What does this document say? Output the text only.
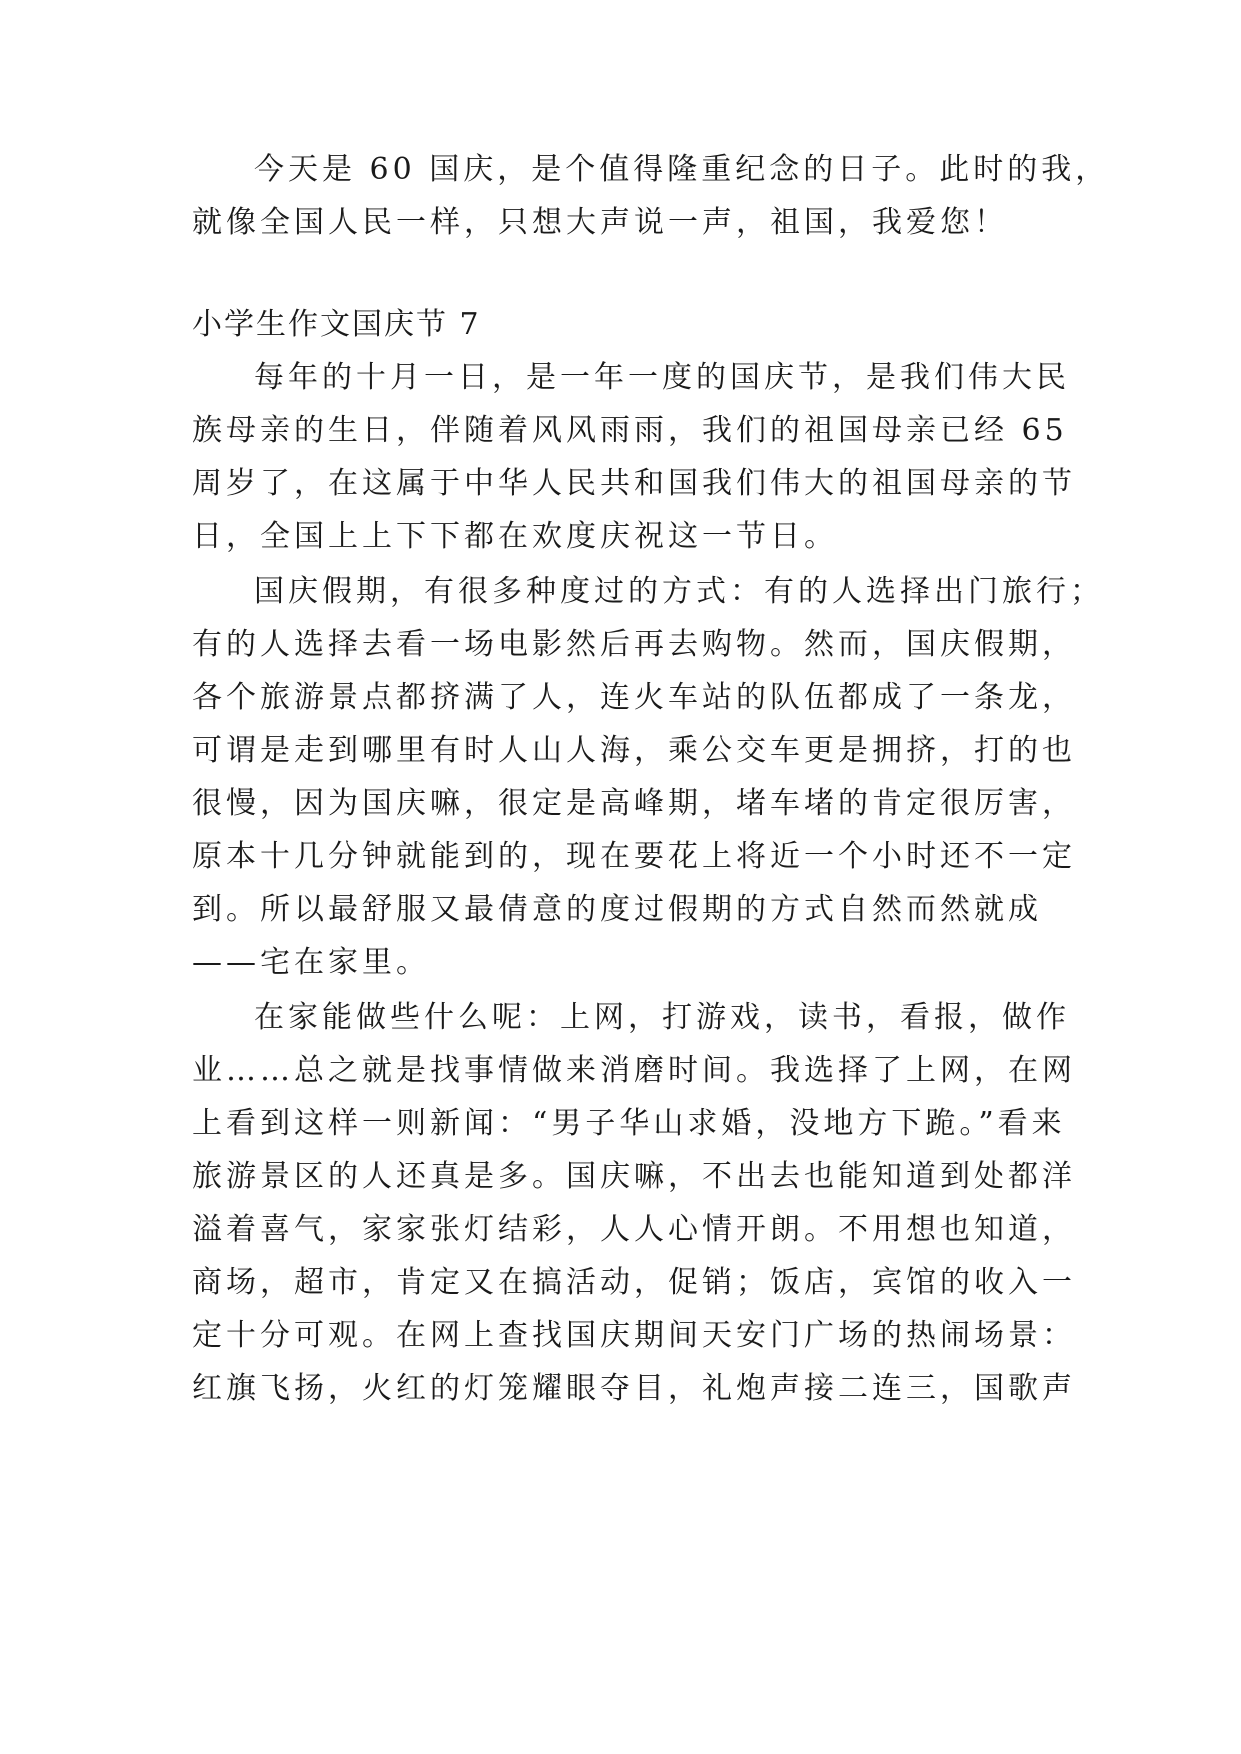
今天是 60 国庆，是个值得隆重纪念的日子。此时的我，
就像全国人民一样，只想大声说一声，祖国，我爱您！
小学生作文国庆节 7
每年的十月一日，是一年一度的国庆节，是我们伟大民
族母亲的生日，伴随着风风雨雨，我们的祖国母亲已经 65
周岁了，在这属于中华人民共和国我们伟大的祖国母亲的节
日，全国上上下下都在欢度庆祝这一节日。
国庆假期，有很多种度过的方式：有的人选择出门旅行；
有的人选择去看一场电影然后再去购物。然而，国庆假期，
各个旅游景点都挤满了人，连火车站的队伍都成了一条龙，
可谓是走到哪里有时人山人海，乘公交车更是拥挤，打的也
很慢，因为国庆嘛，很定是高峰期，堵车堵的肯定很厉害，
原本十几分钟就能到的，现在要花上将近一个小时还不一定
到。所以最舒服又最倩意的度过假期的方式自然而然就成
——宅在家里。
在家能做些什么呢：上网，打游戏，读书，看报，做作
业……总之就是找事情做来消磨时间。我选择了上网，在网
上看到这样一则新闻：“男子华山求婚，没地方下跪。”看来
旅游景区的人还真是多。国庆嘛，不出去也能知道到处都洋
溢着喜气，家家张灯结彩，人人心情开朗。不用想也知道，
商场，超市，肯定又在搞活动，促销；饭店，宾馆的收入一
定十分可观。在网上查找国庆期间天安门广场的热闹场景：
红旗飞扬，火红的灯笼耀眼夺目，礼炮声接二连三，国歌声
